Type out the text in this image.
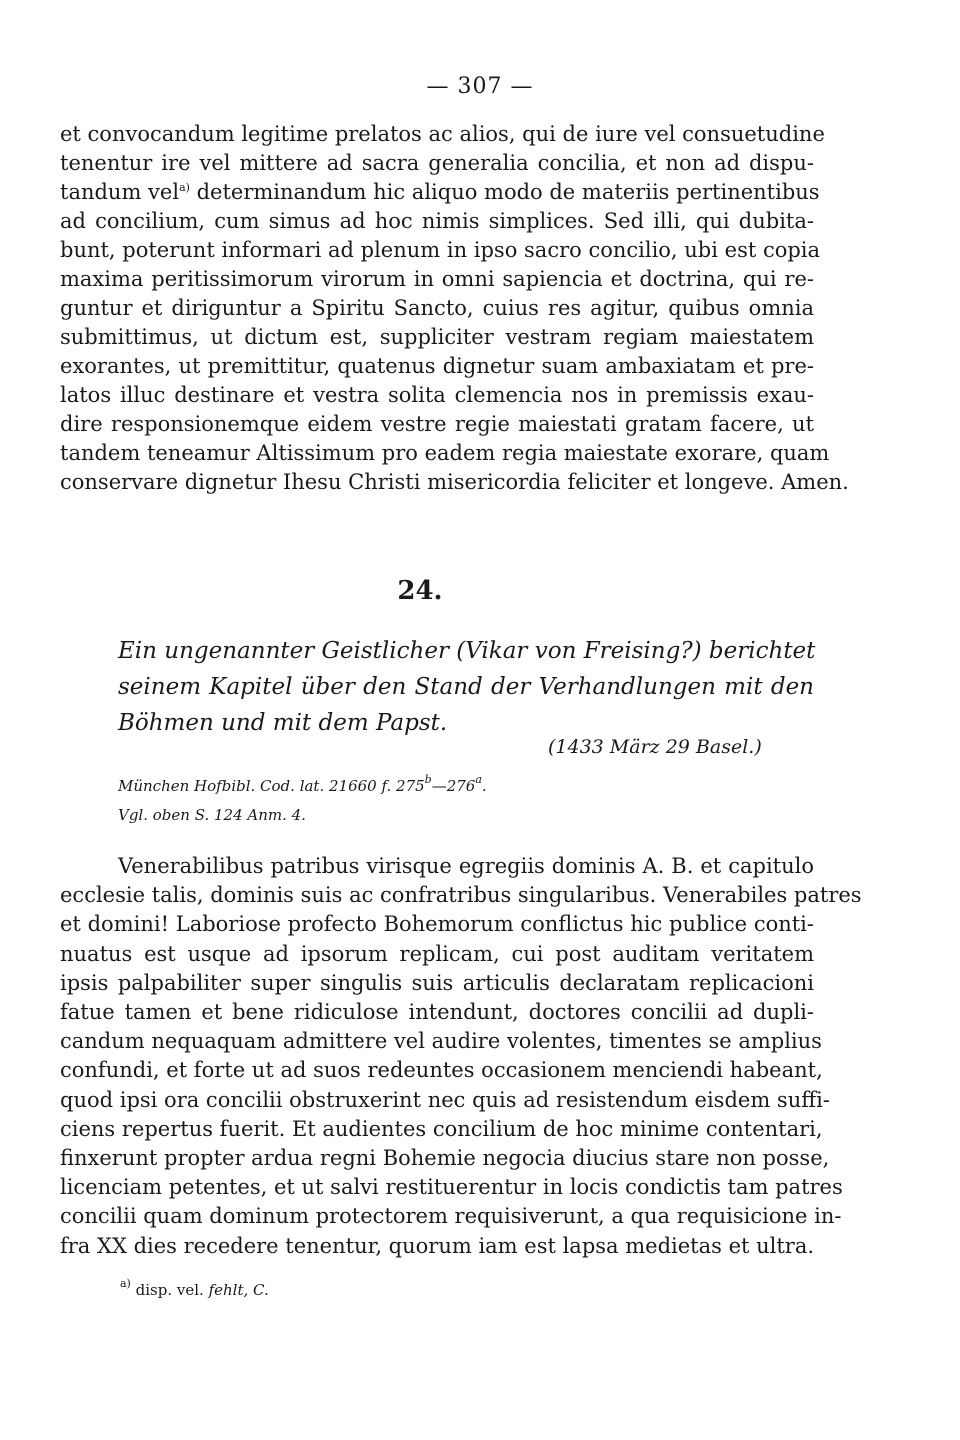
— 307 —
et convocandum legitime prelatos ac alios, qui de iure vel consuetudine
tenentur ire vel mittere ad sacra generalia concilia, et non ad dispu-
tandum vel$^{a)}$ determinandum hic aliquo modo de materiis pertinentibus
ad concilium, cum simus ad hoc nimis simplices. Sed illi, qui dubita-
bunt, poterunt informari ad plenum in ipso sacro concilio, ubi est copia
maxima peritissimorum virorum in omni sapiencia et doctrina, qui re-
guntur et diriguntur a Spiritu Sancto, cuius res agitur, quibus omnia
submittimus, ut dictum est, suppliciter vestram regiam maiestatem
exorantes, ut premittitur, quatenus dignetur suam ambaxiatam et pre-
latos illuc destinare et vestra solita clemencia nos in premissis exau-
dire responsionemque eidem vestre regie maiestati gratam facere, ut
tandem teneamur Altissimum pro eadem regia maiestate exorare, quam
conservare dignetur Ihesu Christi misericordia feliciter et longeve. Amen.
24.
Ein ungenannter Geistlicher (Vikar von Freising?) berichtet
seinem Kapitel über den Stand der Verhandlungen mit den
Böhmen und mit dem Papst.
(1433 März 29 Basel.)
München Hofbibl. Cod. lat. 21660 f. 275$^b$—276$^a$.
Vgl. oben S. 124 Anm. 4.
Venerabilibus patribus virisque egregiis dominis A. B. et capitulo
ecclesie talis, dominis suis ac confratribus singularibus. Venerabiles patres
et domini! Laboriose profecto Bohemorum conflictus hic publice conti-
nuatus est usque ad ipsorum replicam, cui post auditam veritatem
ipsis palpabiliter super singulis suis articulis declaratam replicacioni
fatue tamen et bene ridiculose intendunt, doctores concilii ad dupli-
candum nequaquam admittere vel audire volentes, timentes se amplius
confundi, et forte ut ad suos redeuntes occasionem menciendi habeant,
quod ipsi ora concilii obstruxerint nec quis ad resistendum eisdem suffi-
ciens repertus fuerit. Et audientes concilium de hoc minime contentari,
finxerunt propter ardua regni Bohemie negocia diucius stare non posse,
licenciam petentes, et ut salvi restituerentur in locis condictis tam patres
concilii quam dominum protectorem requisiverunt, a qua requisicione in-
fra XX dies recedere tenentur, quorum iam est lapsa medietas et ultra.
$^{a)}$ disp. vel. fehlt, C.
